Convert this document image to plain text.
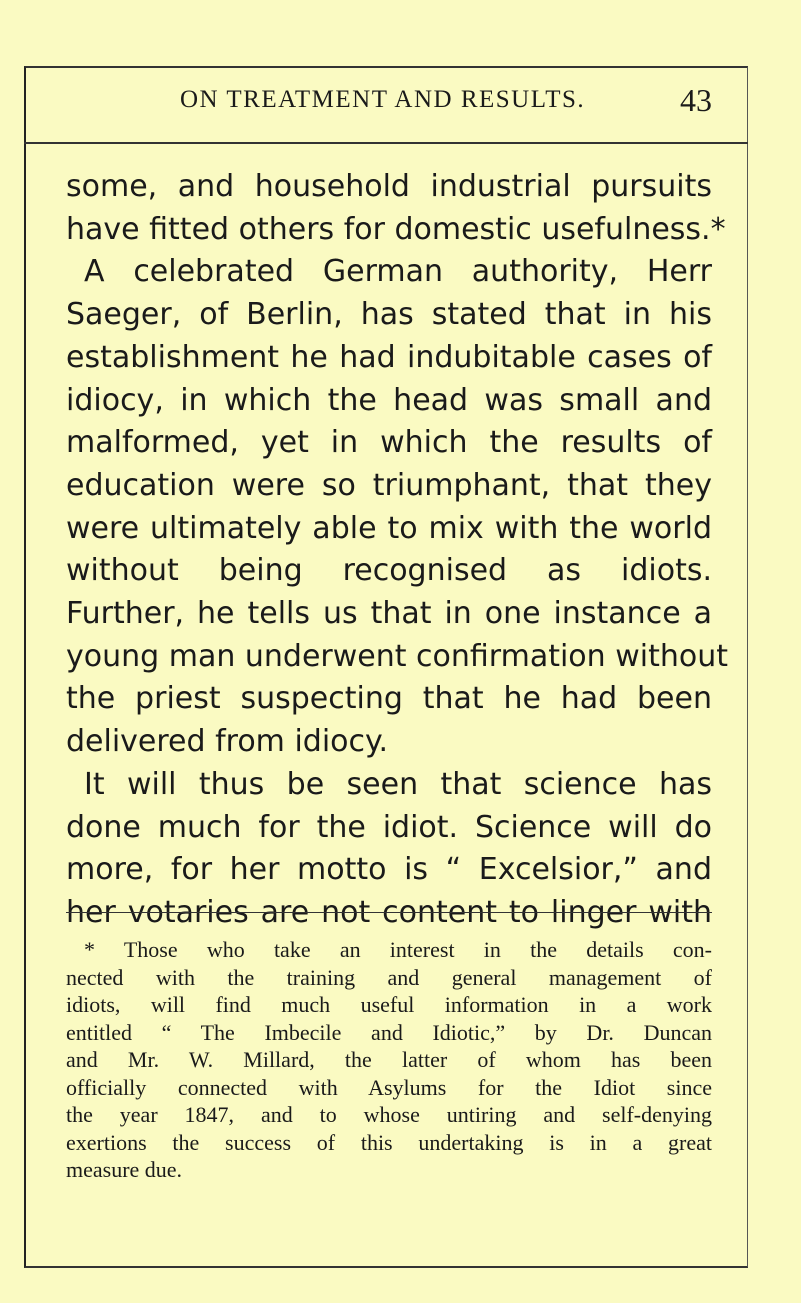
ON TREATMENT AND RESULTS.	43
some, and household industrial pursuits
have fitted others for domestic usefulness.*
A celebrated German authority, Herr
Saeger, of Berlin, has stated that in his
establishment he had indubitable cases of
idiocy, in which the head was small and
malformed, yet in which the results of
education were so triumphant, that they
were ultimately able to mix with the world
without being recognised as idiots.
Further, he tells us that in one instance a
young man underwent confirmation without
the priest suspecting that he had been
delivered from idiocy.
It will thus be seen that science has
done much for the idiot. Science will do
more, for her motto is “ Excelsior,” and
her votaries are not content to linger with
* Those who take an interest in the details con-
nected with the training and general management of
idiots, will find much useful information in a work
entitled “ The Imbecile and Idiotic,” by Dr. Duncan
and Mr. W. Millard, the latter of whom has been
officially connected with Asylums for the Idiot since
the year 1847, and to whose untiring and self-denying
exertions the success of this undertaking is in a great
measure due.
